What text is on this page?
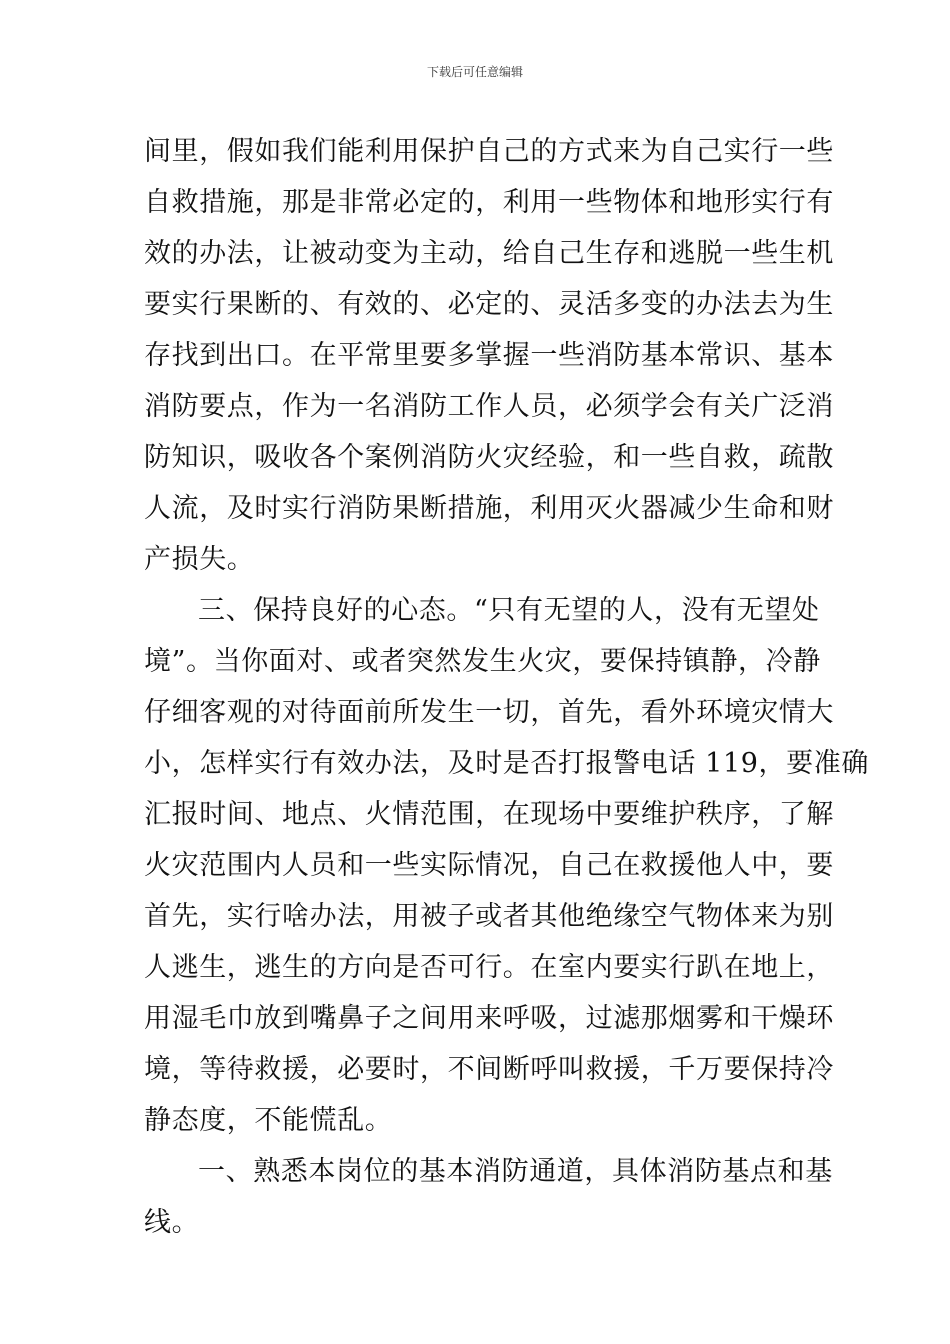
下载后可任意编辑
间里，假如我们能利用保护自己的方式来为自己实行一些
自救措施，那是非常必定的，利用一些物体和地形实行有
效的办法，让被动变为主动，给自己生存和逃脱一些生机
要实行果断的、有效的、必定的、灵活多变的办法去为生
存找到出口。在平常里要多掌握一些消防基本常识、基本
消防要点，作为一名消防工作人员，必须学会有关广泛消
防知识，吸收各个案例消防火灾经验，和一些自救，疏散
人流，及时实行消防果断措施，利用灭火器减少生命和财
产损失。
三、保持良好的心态。“只有无望的人，没有无望处
境”。当你面对、或者突然发生火灾，要保持镇静，冷静
仔细客观的对待面前所发生一切，首先，看外环境灾情大
小，怎样实行有效办法，及时是否打报警电话 119，要准确
汇报时间、地点、火情范围，在现场中要维护秩序，了解
火灾范围内人员和一些实际情况，自己在救援他人中，要
首先，实行啥办法，用被子或者其他绝缘空气物体来为别
人逃生，逃生的方向是否可行。在室内要实行趴在地上，
用湿毛巾放到嘴鼻子之间用来呼吸，过滤那烟雾和干燥环
境，等待救援，必要时，不间断呼叫救援，千万要保持冷
静态度，不能慌乱。
一、熟悉本岗位的基本消防通道，具体消防基点和基
线。
